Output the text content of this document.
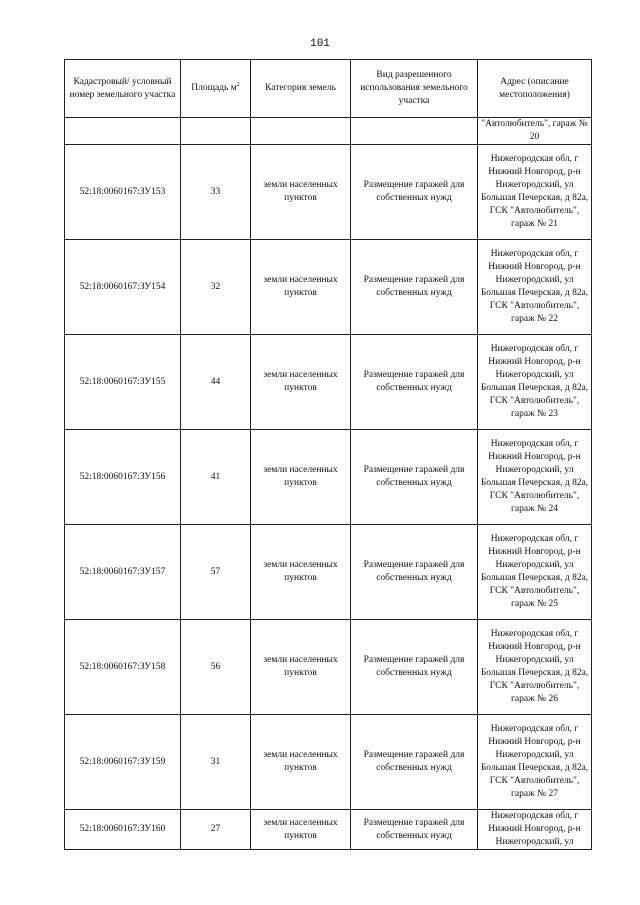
101
Кадастровый/ условный номер земельного участка	Площадь $м^2$	Категория земель	Вид разрешенного использования земельного участка	Адрес (описание местоположения)
				"Автолюбитель", гараж № 20
52:18:0060167:ЗУ153	33	земли населенных пунктов	Размещение гаражей для собственных нужд	Нижегородская обл, г Нижний Новгород, р-н Нижегородский, ул Большая Печерская, д 82а, ГСК "Автолюбитель", гараж № 21
52:18:0060167:ЗУ154	32	земли населенных пунктов	Размещение гаражей для собственных нужд	Нижегородская обл, г Нижний Новгород, р-н Нижегородский, ул Большая Печерская, д 82а, ГСК "Автолюбитель", гараж № 22
52:18:0060167:ЗУ155	44	земли населенных пунктов	Размещение гаражей для собственных нужд	Нижегородская обл, г Нижний Новгород, р-н Нижегородский, ул Большая Печерская, д 82а, ГСК "Автолюбитель", гараж № 23
52:18:0060167:ЗУ156	41	земли населенных пунктов	Размещение гаражей для собственных нужд	Нижегородская обл, г Нижний Новгород, р-н Нижегородский, ул Большая Печерская, д 82а, ГСК "Автолюбитель", гараж № 24
52:18:0060167:ЗУ157	57	земли населенных пунктов	Размещение гаражей для собственных нужд	Нижегородская обл, г Нижний Новгород, р-н Нижегородский, ул Большая Печерская, д 82а, ГСК "Автолюбитель", гараж № 25
52:18:0060167:ЗУ158	56	земли населенных пунктов	Размещение гаражей для собственных нужд	Нижегородская обл, г Нижний Новгород, р-н Нижегородский, ул Большая Печерская, д 82а, ГСК "Автолюбитель", гараж № 26
52:18:0060167:ЗУ159	31	земли населенных пунктов	Размещение гаражей для собственных нужд	Нижегородская обл, г Нижний Новгород, р-н Нижегородский, ул Большая Печерская, д 82а, ГСК "Автолюбитель", гараж № 27
52:18:0060167:ЗУ160	27	земли населенных пунктов	Размещение гаражей для собственных нужд	Нижегородская обл, г Нижний Новгород, р-н Нижегородский, ул
